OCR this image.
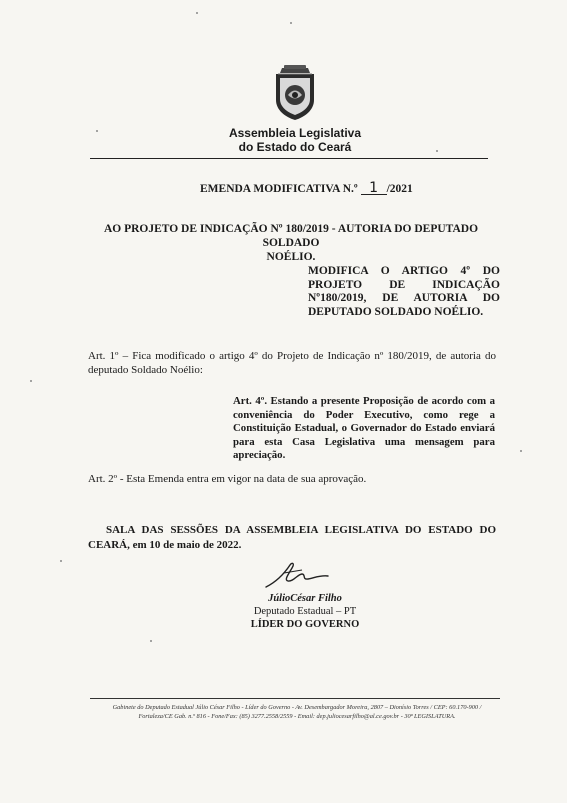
Assembleia Legislativa
do Estado do Ceará
EMENDA MODIFICATIVA N.º 1 /2021
AO PROJETO DE INDICAÇÃO Nº 180/2019 - AUTORIA DO DEPUTADO SOLDADO
NOÉLIO.
MODIFICA O ARTIGO 4º DO PROJETO DE INDICAÇÃO Nº180/2019, DE AUTORIA DO DEPUTADO SOLDADO NOÉLIO.
Art. 1º – Fica modificado o artigo 4º do Projeto de Indicação nº 180/2019, de autoria do deputado Soldado Noélio:
Art. 4º. Estando a presente Proposição de acordo com a conveniência do Poder Executivo, como rege a Constituição Estadual, o Governador do Estado enviará para esta Casa Legislativa uma mensagem para apreciação.
Art. 2º - Esta Emenda entra em vigor na data de sua aprovação.
SALA DAS SESSÕES DA ASSEMBLEIA LEGISLATIVA DO ESTADO DO CEARÁ, em 10 de maio de 2022.
JúlioCésar Filho
Deputado Estadual – PT
LÍDER DO GOVERNO
Gabinete do Deputado Estadual Júlio César Filho - Líder do Governo - Av. Desembargador Moreira, 2807 – Dionísio Torres / CEP: 60.170-900 /
Fortaleza/CE Gab. n.º 816 - Fone/Fax: (85) 3277.2558/2559 - Email: dep.juliocesarfilho@al.ce.gov.br - 30ª LEGISLATURA.
